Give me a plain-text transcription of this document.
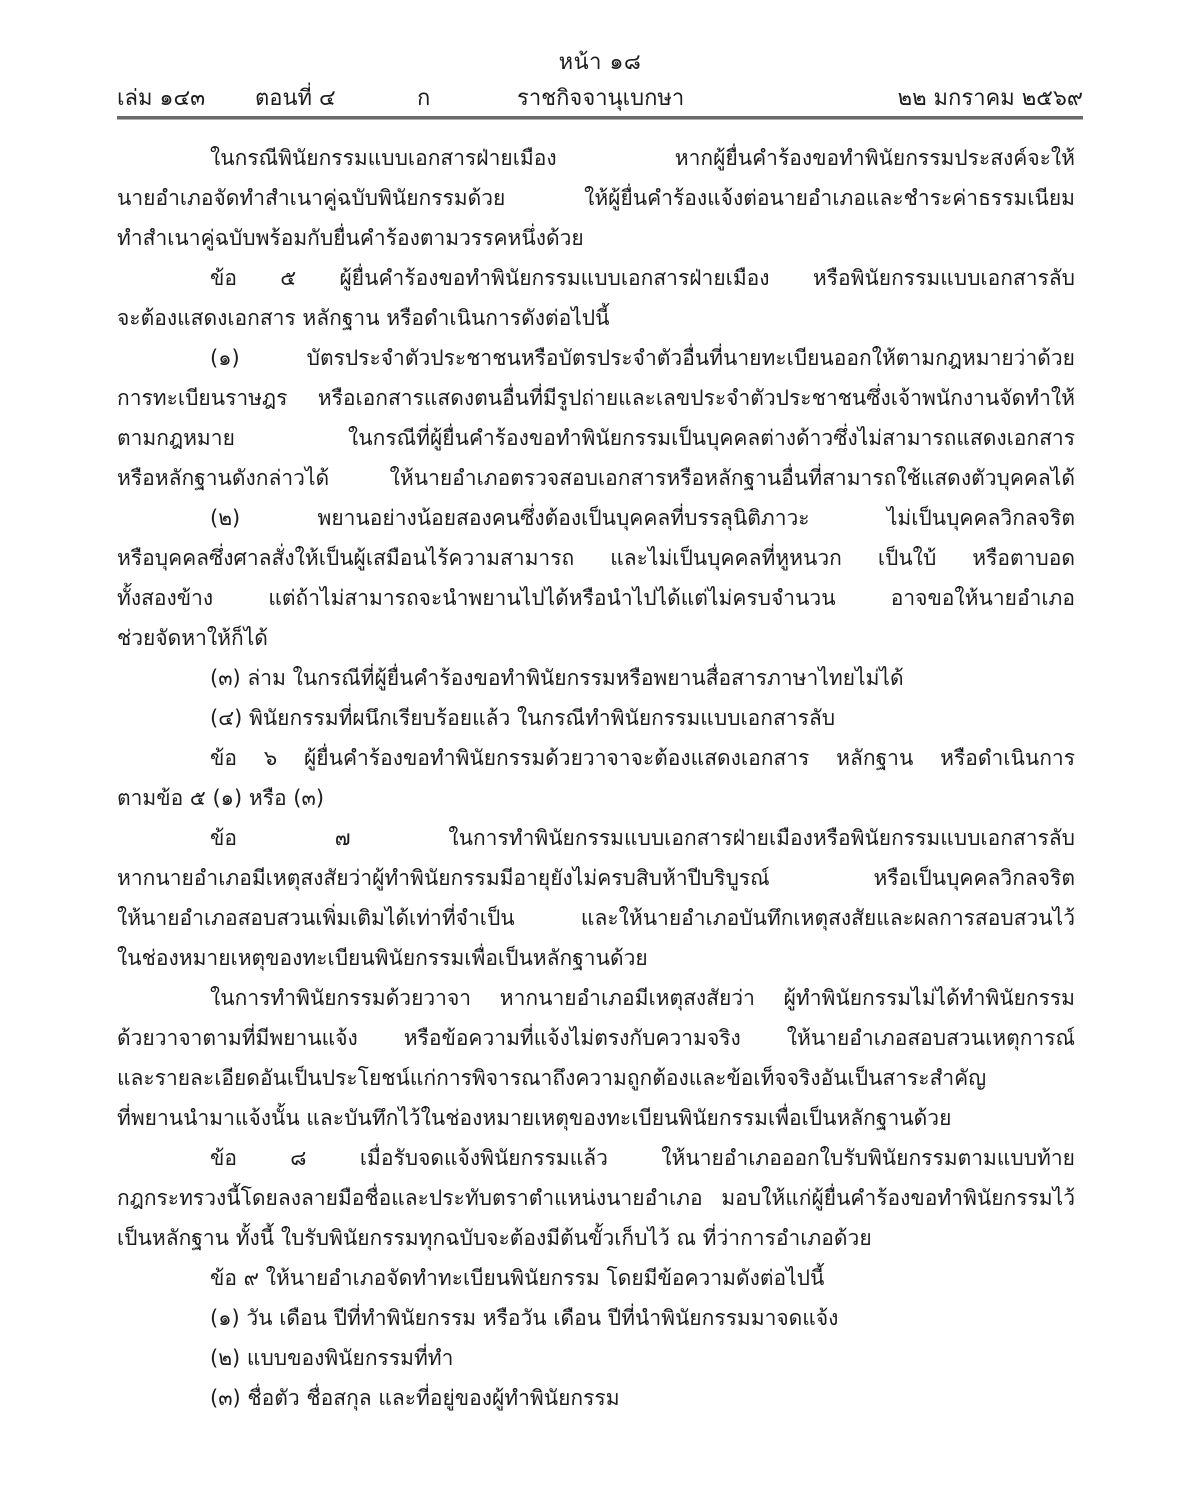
หน้า ๑๘
เล่ม ๑๔๓ ตอนที่ ๔	ก	ราชกิจจานุเบกษา	๒๒ มกราคม ๒๕๖๙
ในกรณีพินัยกรรมแบบเอกสารฝ่ายเมือง หากผู้ยื่นคำร้องขอทำพินัยกรรมประสงค์จะให้
นายอำเภอจัดทำสำเนาคู่ฉบับพินัยกรรมด้วย ให้ผู้ยื่นคำร้องแจ้งต่อนายอำเภอและชำระค่าธรรมเนียม
ทำสำเนาคู่ฉบับพร้อมกับยื่นคำร้องตามวรรคหนึ่งด้วย
ข้อ ๕ ผู้ยื่นคำร้องขอทำพินัยกรรมแบบเอกสารฝ่ายเมือง หรือพินัยกรรมแบบเอกสารลับ
จะต้องแสดงเอกสาร หลักฐาน หรือดำเนินการดังต่อไปนี้
(๑) บัตรประจำตัวประชาชนหรือบัตรประจำตัวอื่นที่นายทะเบียนออกให้ตามกฎหมายว่าด้วย
การทะเบียนราษฎร หรือเอกสารแสดงตนอื่นที่มีรูปถ่ายและเลขประจำตัวประชาชนซึ่งเจ้าพนักงานจัดทำให้
ตามกฎหมาย ในกรณีที่ผู้ยื่นคำร้องขอทำพินัยกรรมเป็นบุคคลต่างด้าวซึ่งไม่สามารถแสดงเอกสาร
หรือหลักฐานดังกล่าวได้ ให้นายอำเภอตรวจสอบเอกสารหรือหลักฐานอื่นที่สามารถใช้แสดงตัวบุคคลได้
(๒) พยานอย่างน้อยสองคนซึ่งต้องเป็นบุคคลที่บรรลุนิติภาวะ ไม่เป็นบุคคลวิกลจริต
หรือบุคคลซึ่งศาลสั่งให้เป็นผู้เสมือนไร้ความสามารถ และไม่เป็นบุคคลที่หูหนวก เป็นใบ้ หรือตาบอด
ทั้งสองข้าง แต่ถ้าไม่สามารถจะนำพยานไปได้หรือนำไปได้แต่ไม่ครบจำนวน อาจขอให้นายอำเภอ
ช่วยจัดหาให้ก็ได้
(๓) ล่าม ในกรณีที่ผู้ยื่นคำร้องขอทำพินัยกรรมหรือพยานสื่อสารภาษาไทยไม่ได้
(๔) พินัยกรรมที่ผนึกเรียบร้อยแล้ว ในกรณีทำพินัยกรรมแบบเอกสารลับ
ข้อ ๖ ผู้ยื่นคำร้องขอทำพินัยกรรมด้วยวาจาจะต้องแสดงเอกสาร หลักฐาน หรือดำเนินการ
ตามข้อ ๕ (๑) หรือ (๓)
ข้อ ๗ ในการทำพินัยกรรมแบบเอกสารฝ่ายเมืองหรือพินัยกรรมแบบเอกสารลับ
หากนายอำเภอมีเหตุสงสัยว่าผู้ทำพินัยกรรมมีอายุยังไม่ครบสิบห้าปีบริบูรณ์ หรือเป็นบุคคลวิกลจริต
ให้นายอำเภอสอบสวนเพิ่มเติมได้เท่าที่จำเป็น และให้นายอำเภอบันทึกเหตุสงสัยและผลการสอบสวนไว้
ในช่องหมายเหตุของทะเบียนพินัยกรรมเพื่อเป็นหลักฐานด้วย
ในการทำพินัยกรรมด้วยวาจา หากนายอำเภอมีเหตุสงสัยว่า ผู้ทำพินัยกรรมไม่ได้ทำพินัยกรรม
ด้วยวาจาตามที่มีพยานแจ้ง หรือข้อความที่แจ้งไม่ตรงกับความจริง ให้นายอำเภอสอบสวนเหตุการณ์
และรายละเอียดอันเป็นประโยชน์แก่การพิจารณาถึงความถูกต้องและข้อเท็จจริงอันเป็นสาระสำคัญ
ที่พยานนำมาแจ้งนั้น และบันทึกไว้ในช่องหมายเหตุของทะเบียนพินัยกรรมเพื่อเป็นหลักฐานด้วย
ข้อ ๘ เมื่อรับจดแจ้งพินัยกรรมแล้ว ให้นายอำเภอออกใบรับพินัยกรรมตามแบบท้าย
กฎกระทรวงนี้โดยลงลายมือชื่อและประทับตราตำแหน่งนายอำเภอ มอบให้แก่ผู้ยื่นคำร้องขอทำพินัยกรรมไว้
เป็นหลักฐาน ทั้งนี้ ใบรับพินัยกรรมทุกฉบับจะต้องมีต้นขั้วเก็บไว้ ณ ที่ว่าการอำเภอด้วย
ข้อ ๙ ให้นายอำเภอจัดทำทะเบียนพินัยกรรม โดยมีข้อความดังต่อไปนี้
(๑) วัน เดือน ปีที่ทำพินัยกรรม หรือวัน เดือน ปีที่นำพินัยกรรมมาจดแจ้ง
(๒) แบบของพินัยกรรมที่ทำ
(๓) ชื่อตัว ชื่อสกุล และที่อยู่ของผู้ทำพินัยกรรม
